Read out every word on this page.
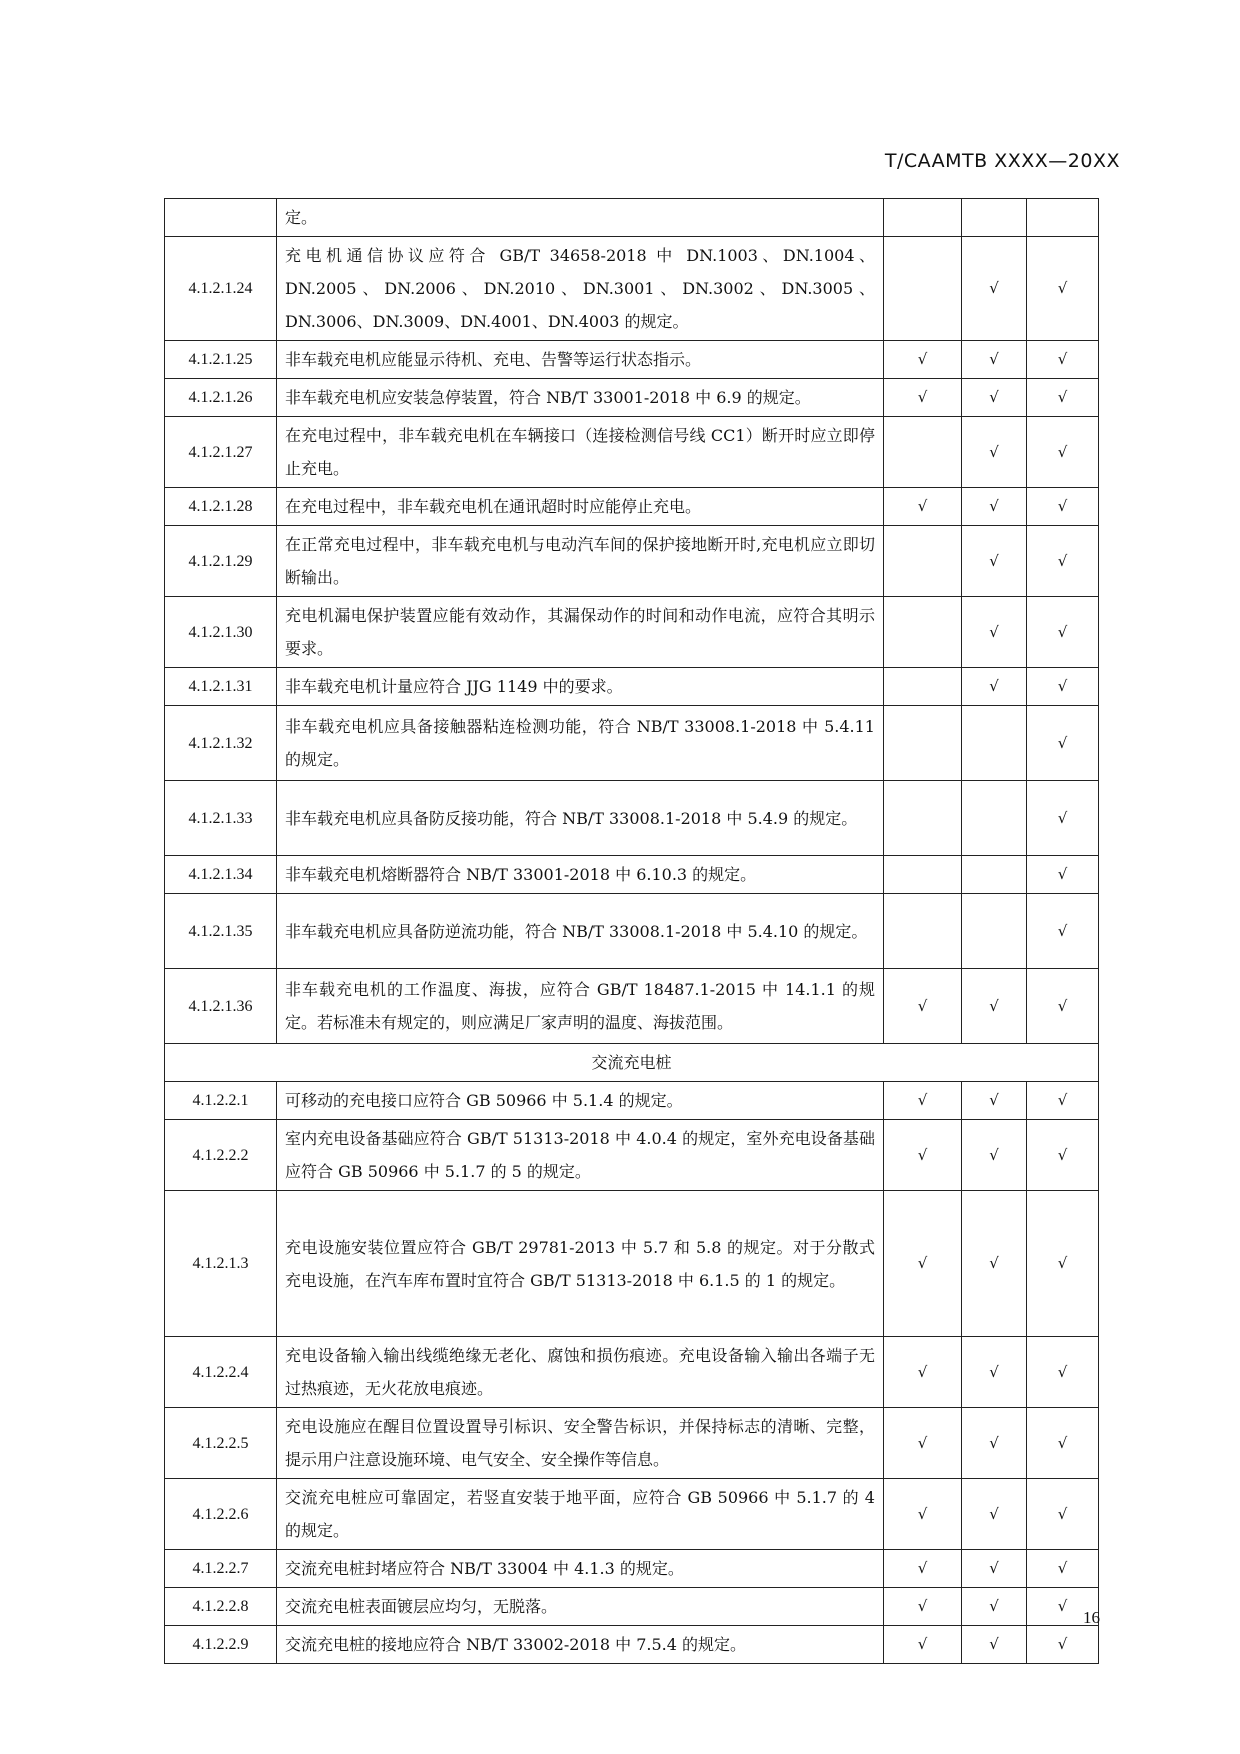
T/CAAMTB XXXX—20XX
	定。			
4.1.2.1.24	充电机通信协议应符合 GB/T 34658-2018 中 DN.1003、DN.1004、DN.2005、DN.2006、DN.2010、DN.3001、DN.3002、DN.3005、DN.3006、DN.3009、DN.4001、DN.4003 的规定。		√	√
4.1.2.1.25	非车载充电机应能显示待机、充电、告警等运行状态指示。	√	√	√
4.1.2.1.26	非车载充电机应安装急停装置，符合 NB/T 33001-2018 中 6.9 的规定。	√	√	√
4.1.2.1.27	在充电过程中，非车载充电机在车辆接口（连接检测信号线 CC1）断开时应立即停止充电。		√	√
4.1.2.1.28	在充电过程中，非车载充电机在通讯超时时应能停止充电。	√	√	√
4.1.2.1.29	在正常充电过程中，非车载充电机与电动汽车间的保护接地断开时,充电机应立即切断输出。		√	√
4.1.2.1.30	充电机漏电保护装置应能有效动作，其漏保动作的时间和动作电流，应符合其明示要求。		√	√
4.1.2.1.31	非车载充电机计量应符合 JJG 1149 中的要求。		√	√
4.1.2.1.32	非车载充电机应具备接触器粘连检测功能，符合 NB/T 33008.1-2018 中 5.4.11 的规定。			√
4.1.2.1.33	非车载充电机应具备防反接功能，符合 NB/T 33008.1-2018 中 5.4.9 的规定。			√
4.1.2.1.34	非车载充电机熔断器符合 NB/T 33001-2018 中 6.10.3 的规定。			√
4.1.2.1.35	非车载充电机应具备防逆流功能，符合 NB/T 33008.1-2018 中 5.4.10 的规定。			√
4.1.2.1.36	非车载充电机的工作温度、海拔，应符合 GB/T 18487.1-2015 中 14.1.1 的规定。若标准未有规定的，则应满足厂家声明的温度、海拔范围。	√	√	√
交流充电桩				
4.1.2.2.1	可移动的充电接口应符合 GB 50966 中 5.1.4 的规定。	√	√	√
4.1.2.2.2	室内充电设备基础应符合 GB/T 51313-2018 中 4.0.4 的规定，室外充电设备基础应符合 GB 50966 中 5.1.7 的 5 的规定。	√	√	√
4.1.2.1.3	充电设施安装位置应符合 GB/T 29781-2013 中 5.7 和 5.8 的规定。对于分散式充电设施，在汽车库布置时宜符合 GB/T 51313-2018 中 6.1.5 的 1 的规定。	√	√	√
4.1.2.2.4	充电设备输入输出线缆绝缘无老化、腐蚀和损伤痕迹。充电设备输入输出各端子无过热痕迹，无火花放电痕迹。	√	√	√
4.1.2.2.5	充电设施应在醒目位置设置导引标识、安全警告标识，并保持标志的清晰、完整，提示用户注意设施环境、电气安全、安全操作等信息。	√	√	√
4.1.2.2.6	交流充电桩应可靠固定，若竖直安装于地平面，应符合 GB 50966 中 5.1.7 的 4 的规定。	√	√	√
4.1.2.2.7	交流充电桩封堵应符合 NB/T 33004 中 4.1.3 的规定。	√	√	√
4.1.2.2.8	交流充电桩表面镀层应均匀，无脱落。	√	√	√
4.1.2.2.9	交流充电桩的接地应符合 NB/T 33002-2018 中 7.5.4 的规定。	√	√	√
16
